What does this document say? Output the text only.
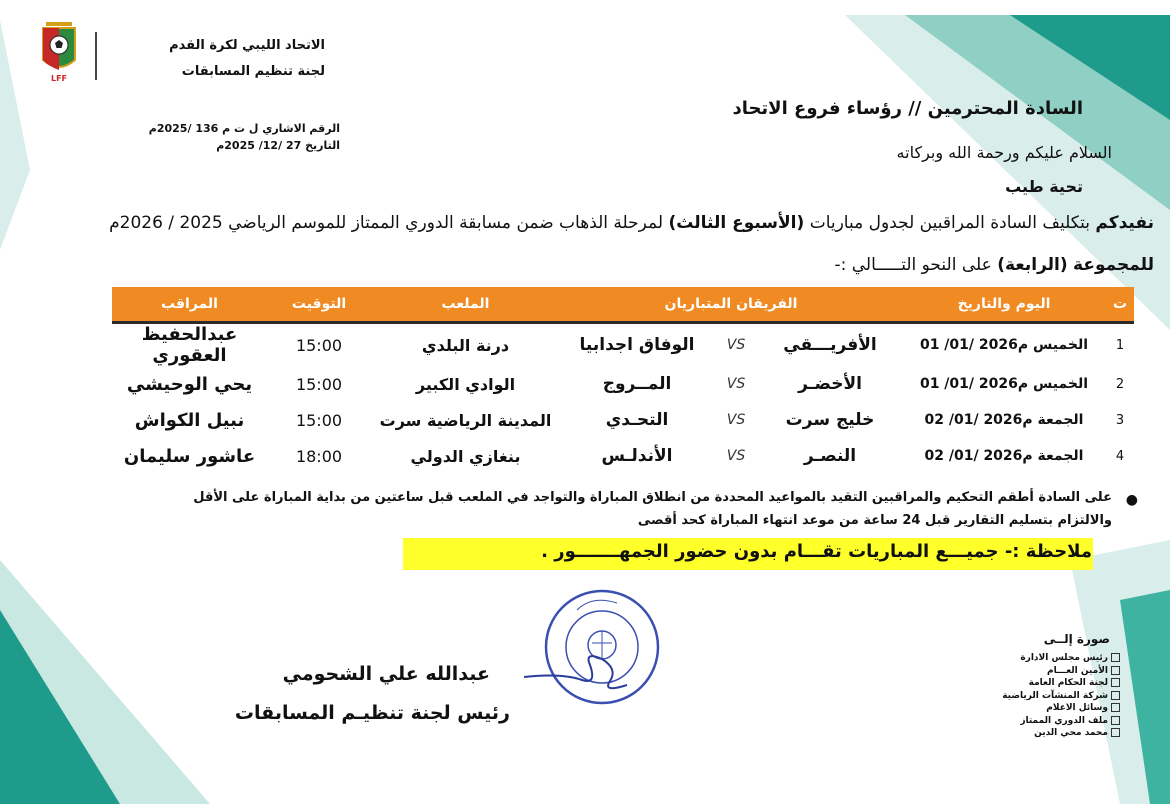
LFF
الاتحاد الليبي لكرة القدم
لجنة تنظيم المسابقات
الرقم الاشاري ل ت م 136 /2025م
التاريخ 27 /12/ 2025م
السادة المحترمين // رؤساء فروع الاتحاد
السلام عليكم ورحمة الله وبركاته
تحية طيب
نفيدكم بتكليف السادة المراقبين لجدول مباريات (الأسبوع الثالث) لمرحلة الذهاب ضمن مسابقة الدوري الممتاز للموسم الرياضي 2025 / 2026م
للمجموعة (الرابعة) على النحو التـــــالي :-
ت	اليوم والتاريخ	الفريقان المتباريان			الملعب	التوقيت	المراقب
1	الخميس 01 /01/ 2026م	الأفريـــقي	VS	الوفاق اجدابيا	درنة البلدي	15:00	عبدالحفيظ العقوري
2	الخميس 01 /01/ 2026م	الأخضـر	VS	المــروج	الوادي الكبير	15:00	يحي الوحيشي
3	الجمعة 02 /01/ 2026م	خليج سرت	VS	التحـدي	المدينة الرياضية سرت	15:00	نبيل الكواش
4	الجمعة 02 /01/ 2026م	النصـر	VS	الأندلـس	بنغازي الدولي	18:00	عاشور سليمان
●
على السادة أطقم التحكيم والمراقبين التقيد بالمواعيد المحددة من انطلاق المباراة والتواجد في الملعب قبل ساعتين من بداية المباراة على الأقل
والالتزام بتسليم التقارير قبل 24 ساعة من موعد انتهاء المباراة كحد أقصى
ملاحظة :- جميـــع المباريات تقـــام بدون حضور الجمهـــــــور .
عبدالله علي الشحومي
رئيس لجنة تنظيـم المسابقات
صورة إلــى
رئيس مجلس الادارة
الأمين العـــام
لجنة الحكام العامة
شركة المنشآت الرياضية
وسائل الاعلام
ملف الدوري الممتاز
محمد محي الدين
